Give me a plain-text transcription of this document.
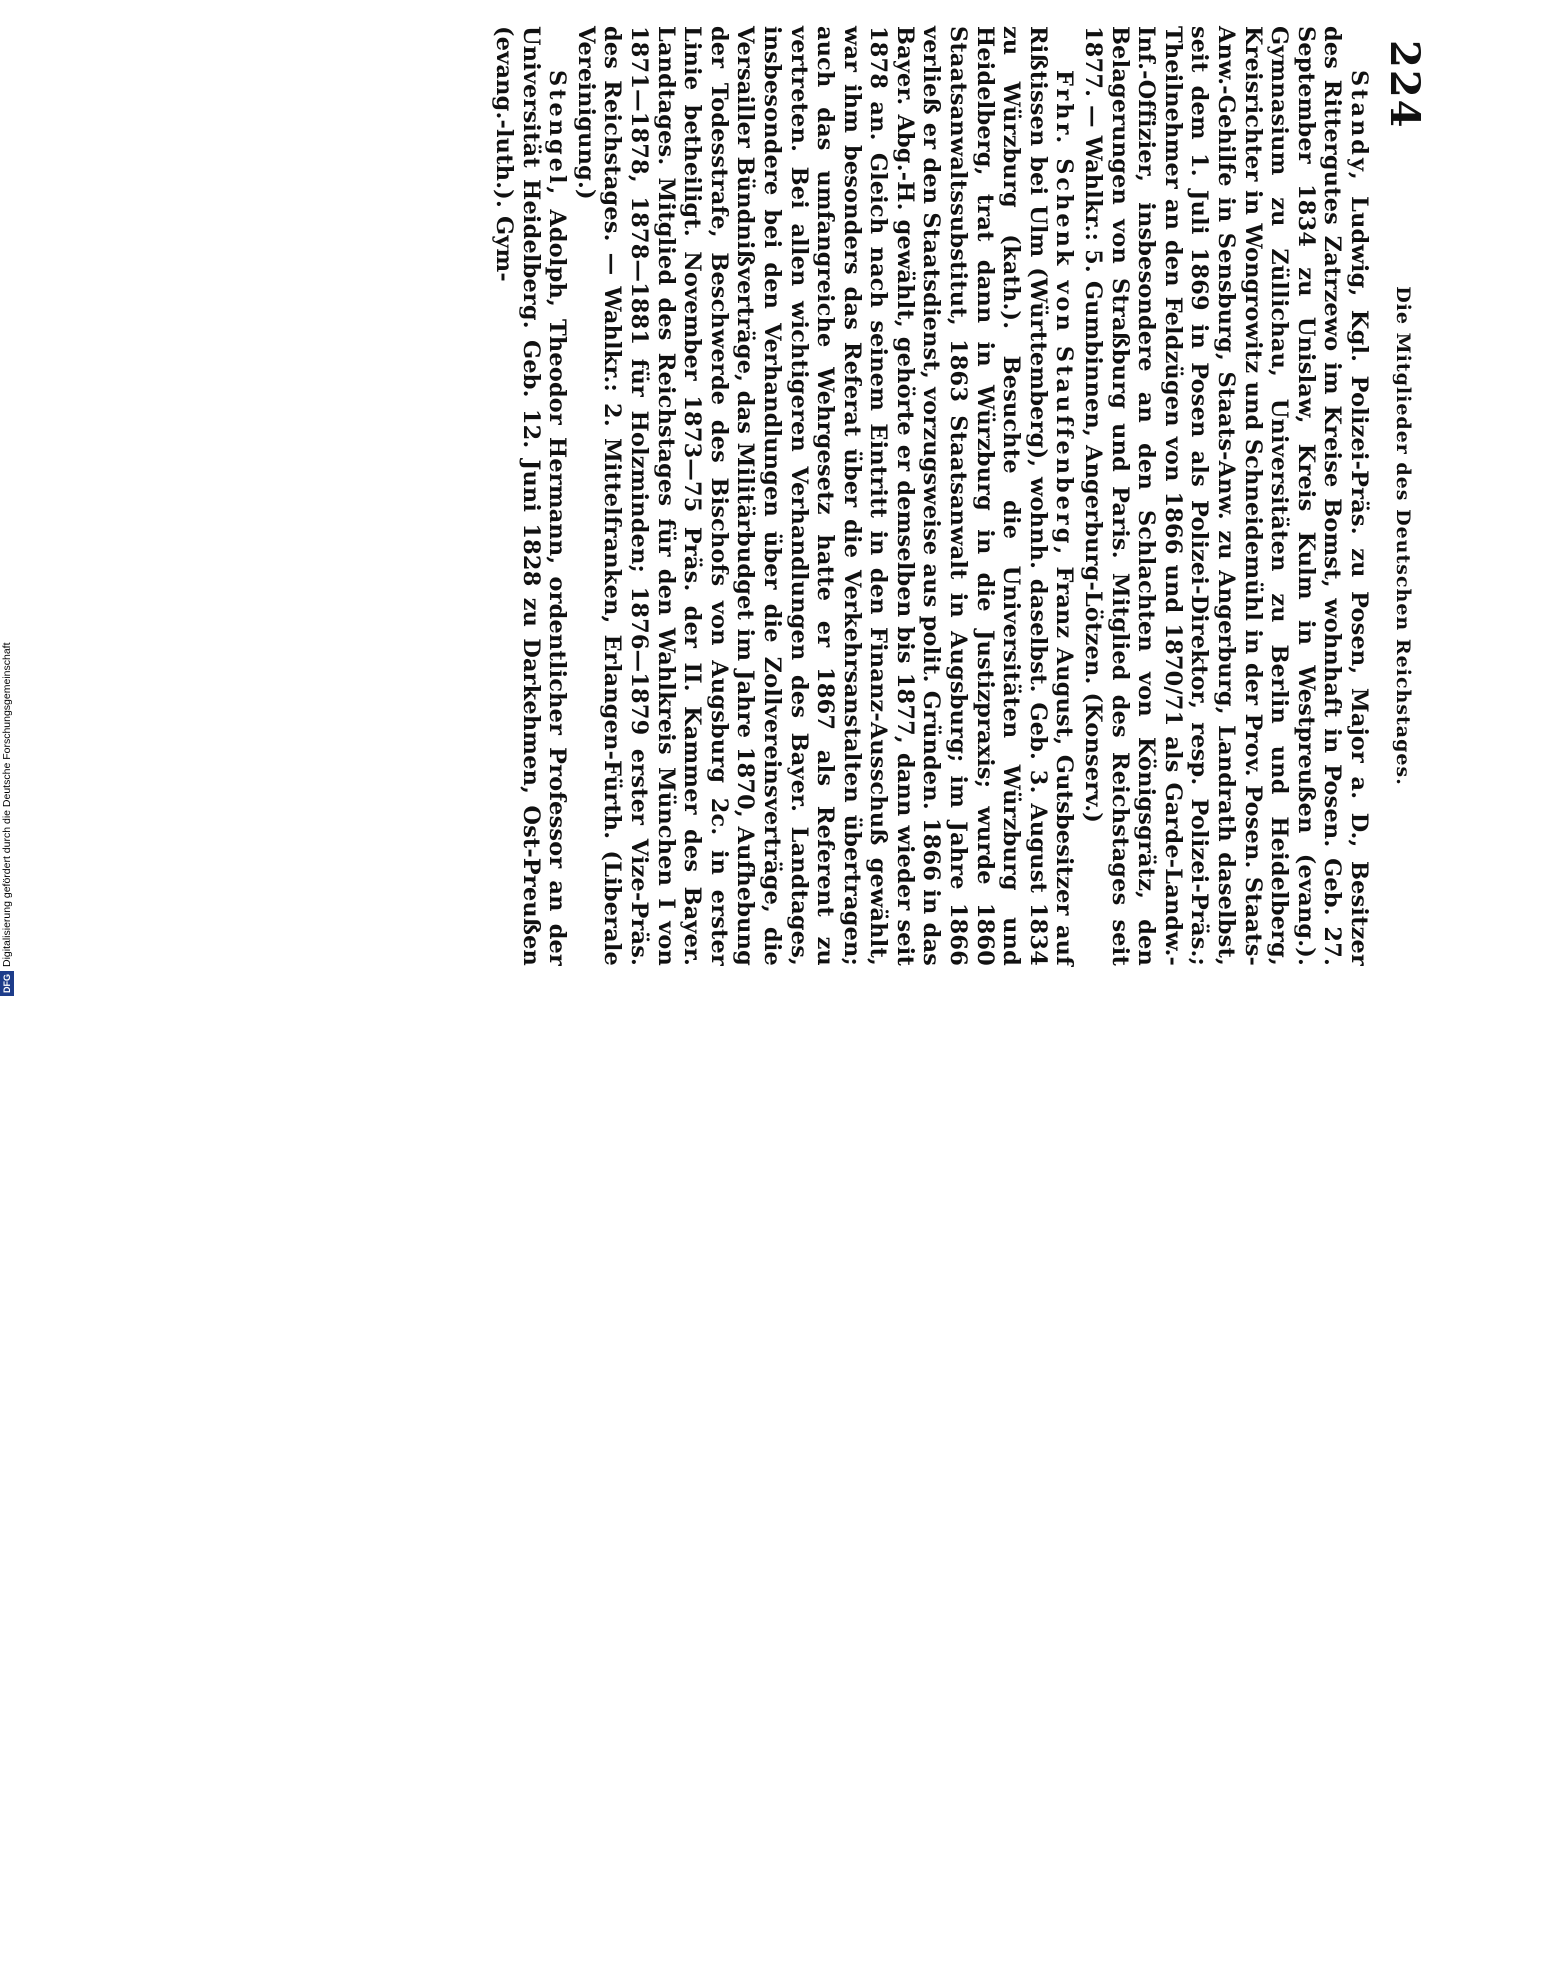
DFGDigitalisierung gefördert durch die Deutsche Forschungsgemeinschaft
224
Die Mitglieder des Deutschen Reichstages.

Standy, Ludwig, Kgl. Polizei-Präs. zu Posen, Major a. D., Besitzer des Rittergutes Zatrzewo im Kreise Bomst, wohnhaft in Posen. Geb. 27. September 1834 zu Unislaw, Kreis Kulm in Westpreußen (evang.). Gymnasium zu Züllichau, Universitäten zu Berlin und Heidelberg, Kreisrichter in Wongrowitz und Schneidemühl in der Prov. Posen. Staats-Anw.-Gehilfe in Sensburg, Staats-Anw. zu Angerburg, Landrath daselbst, seit dem 1. Juli 1869 in Posen als Polizei-Direktor, resp. Polizei-Präs.; Theilnehmer an den Feldzügen von 1866 und 1870/71 als Garde-Landw.-Inf.-Offizier, insbesondere an den Schlachten von Königsgrätz, den Belagerungen von Straßburg und Paris. Mitglied des Reichstages seit 1877. — Wahlkr.: 5. Gumbinnen, Angerburg-Lötzen. (Konserv.)

Frhr. Schenk von Stauffenberg, Franz August, Gutsbesitzer auf Rißtissen bei Ulm (Württemberg), wohnh. daselbst. Geb. 3. August 1834 zu Würzburg (kath.). Besuchte die Universitäten Würzburg und Heidelberg, trat dann in Würzburg in die Justizpraxis; wurde 1860 Staatsanwaltssubstitut, 1863 Staatsanwalt in Augsburg; im Jahre 1866 verließ er den Staatsdienst, vorzugsweise aus polit. Gründen. 1866 in das Bayer. Abg.-H. gewählt, gehörte er demselben bis 1877, dann wieder seit 1878 an. Gleich nach seinem Eintritt in den Finanz-Ausschuß gewählt, war ihm besonders das Referat über die Verkehrsanstalten übertragen; auch das umfangreiche Wehrgesetz hatte er 1867 als Referent zu vertreten. Bei allen wichtigeren Verhandlungen des Bayer. Landtages, insbesondere bei den Verhandlungen über die Zollvereinsverträge, die Versailler Bündnißverträge, das Militärbudget im Jahre 1870, Aufhebung der Todesstrafe, Beschwerde des Bischofs von Augsburg 2c. in erster Linie betheiligt. November 1873—75 Präs. der II. Kammer des Bayer. Landtages. Mitglied des Reichstages für den Wahlkreis München I von 1871—1878, 1878—1881 für Holzminden; 1876—1879 erster Vize-Präs. des Reichstages. — Wahlkr.: 2. Mittelfranken, Erlangen-Fürth. (Liberale Vereinigung.)

Stengel, Adolph, Theodor Hermann, ordentlicher Professor an der Universität Heidelberg. Geb. 12. Juni 1828 zu Darkehmen, Ost-Preußen (evang.-luth.). Gym-
